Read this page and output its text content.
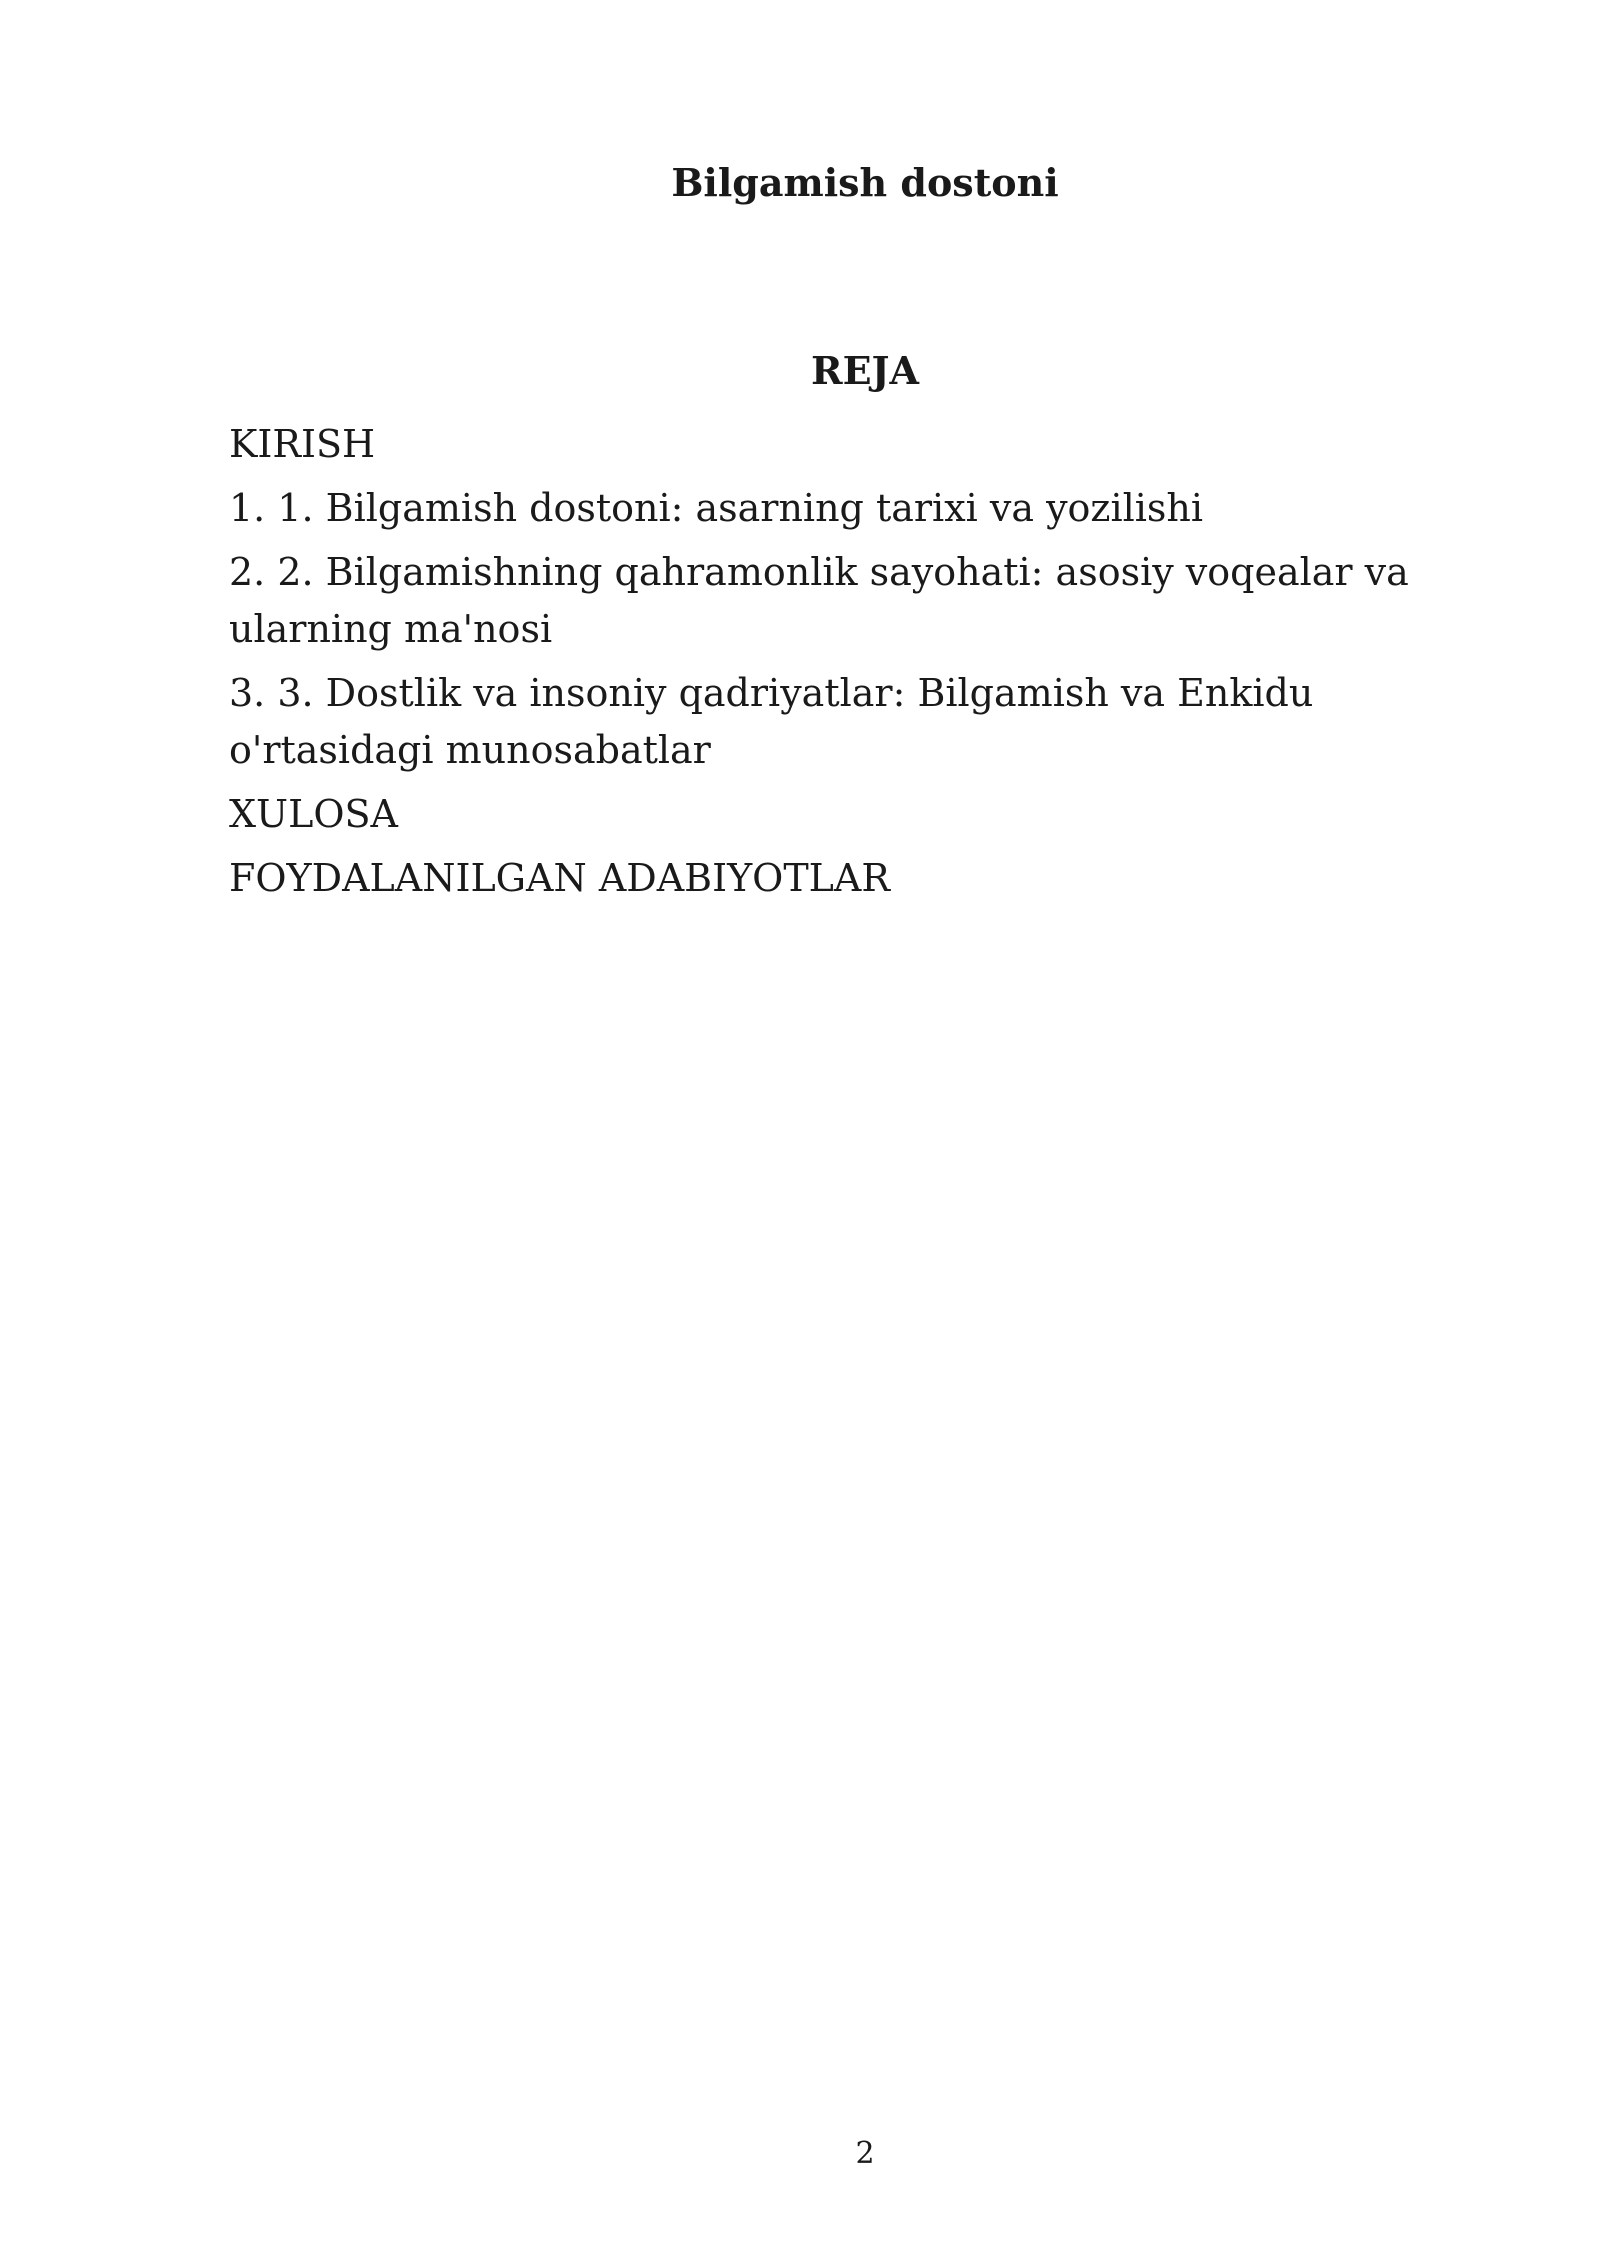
Bilgamish dostoni
REJA
KIRISH
1. 1. Bilgamish dostoni: asarning tarixi va yozilishi
2. 2. Bilgamishning qahramonlik sayohati: asosiy voqealar va ularning ma'nosi
3. 3. Dostlik va insoniy qadriyatlar: Bilgamish va Enkidu o'rtasidagi munosabatlar
XULOSA
FOYDALANILGAN ADABIYOTLAR
2
